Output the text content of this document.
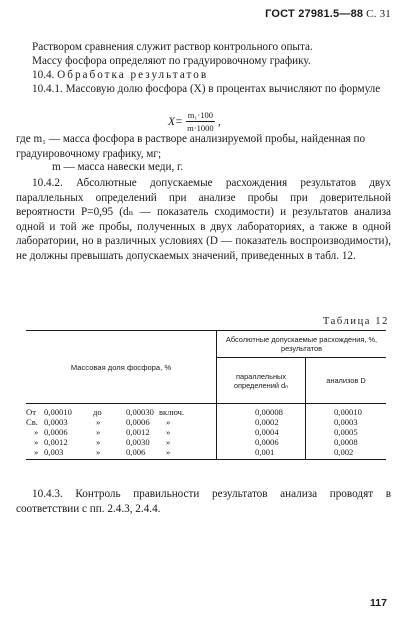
ГОСТ 27981.5—88 С. 31

Раствором сравнения служит раствор контрольного опыта.

Массу фосфора определяют по градуировочному графику.

10.4. Обработка результатов

10.4.1. Массовую долю фосфора (X) в процентах вычисляют по формуле

$X= \frac{\text{m₁·100}}{m\cdot 1000}$ ,

где m₁ — масса фосфора в растворе анализируемой пробы, найденная по градуировочному графику, мг;

m — масса навески меди, г.

10.4.2. Абсолютные допускаемые расхождения результатов двух параллельных определений при анализе пробы при доверительной вероятности P=0,95 (dₙ — показатель сходимости) и результатов анализа одной и той же пробы, полученных в двух лабораториях, а также в одной лаборатории, но в различных условиях (D — показатель воспроизводимости), не должны превышать допускаемых значений, приведенных в табл. 12.

Таблица 12
Массовая доля фосфора, %
Абсолютные допускаемые расхождения, %, результатов
параллельных определений dₙ	анализов D
От 0,00010 до	0,00030 включ.	0,00008	0,00010
Св. 0,0003	»	0,0006 »	0,0002	0,0003
» 0,0006	»	0,0012 »	0,0004	0,0005
» 0,0012	»	0,0030 »	0,0006	0,0008
» 0,003	»	0,006 »	0,001	0,002

10.4.3. Контроль правильности результатов анализа проводят в соответствии с пп. 2.4.3, 2.4.4.

117
